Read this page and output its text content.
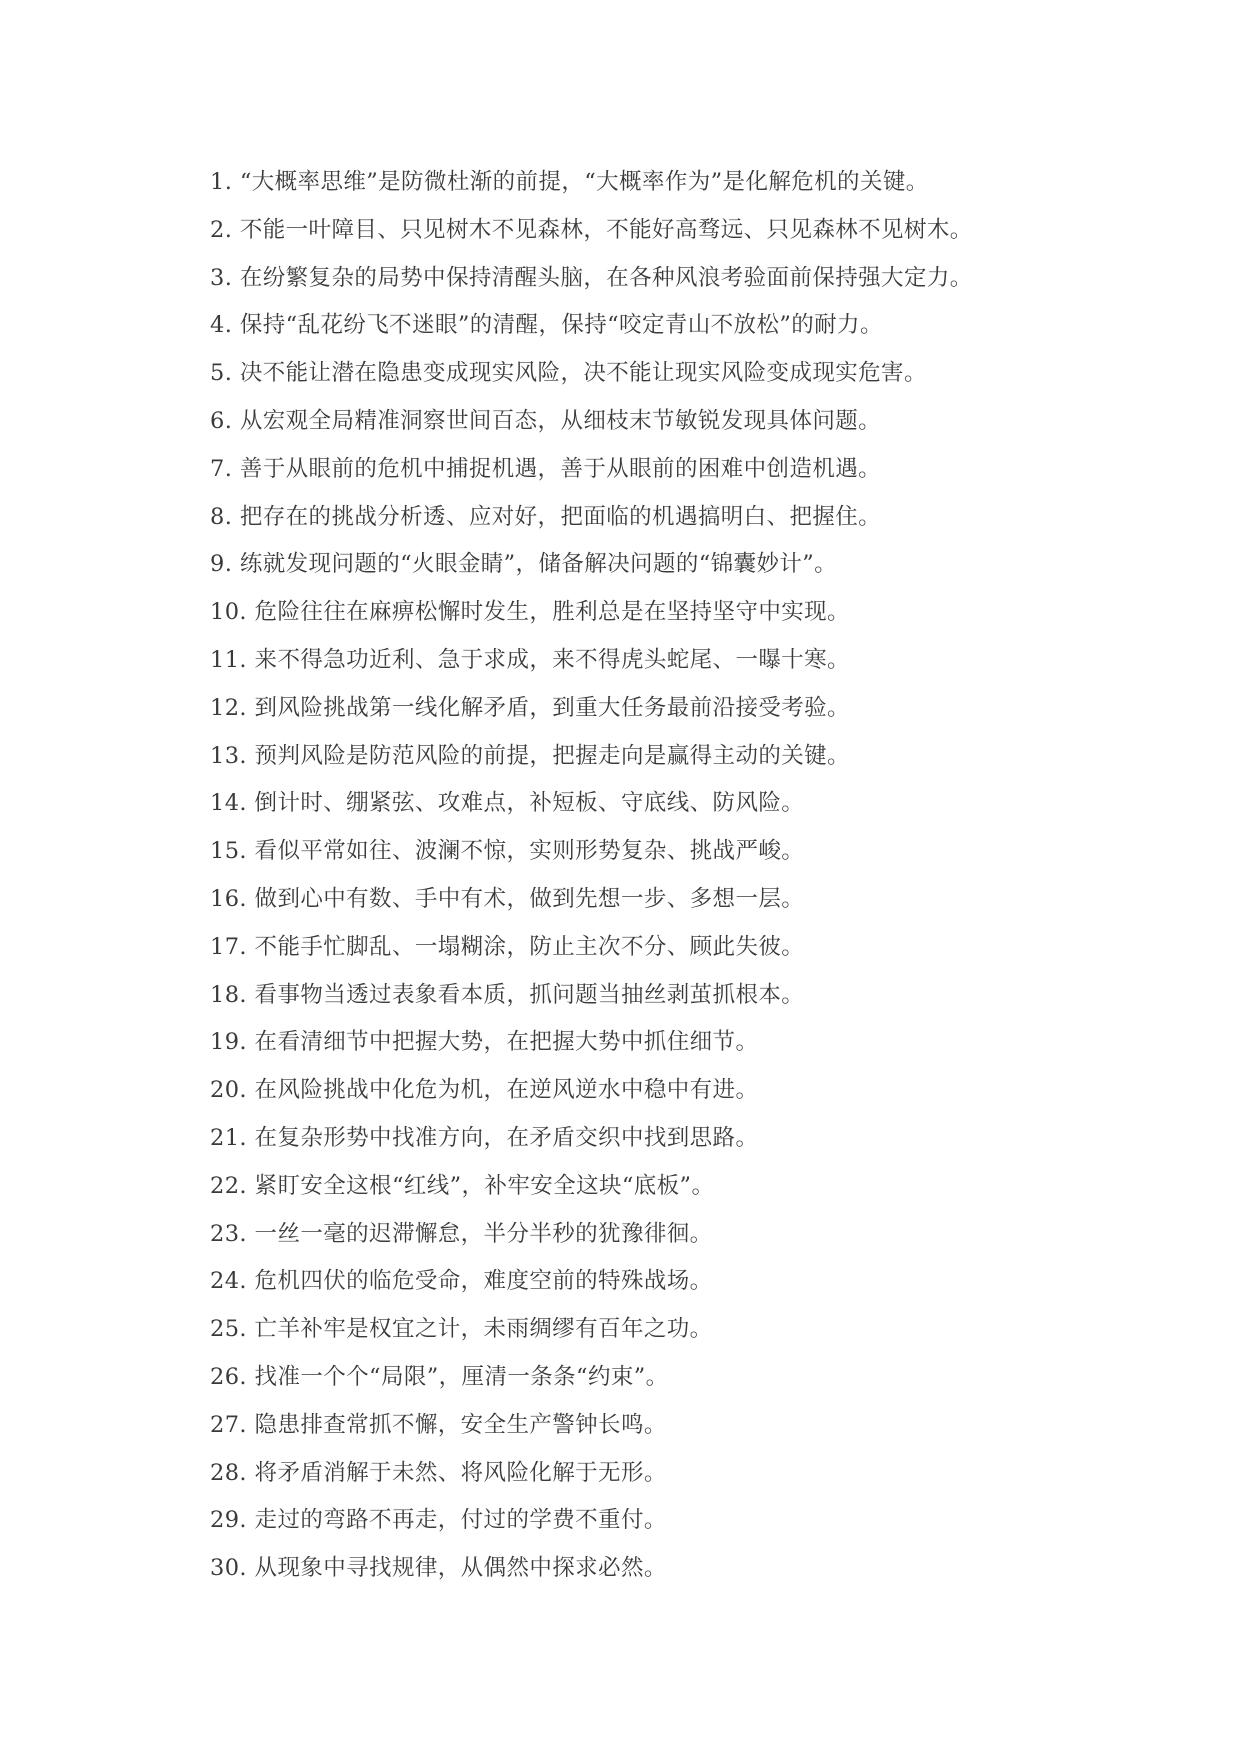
1. “大概率思维”是防微杜渐的前提，“大概率作为”是化解危机的关键。
2. 不能一叶障目、只见树木不见森林，不能好高骛远、只见森林不见树木。
3. 在纷繁复杂的局势中保持清醒头脑，在各种风浪考验面前保持强大定力。
4. 保持“乱花纷飞不迷眼”的清醒，保持“咬定青山不放松”的耐力。
5. 决不能让潜在隐患变成现实风险，决不能让现实风险变成现实危害。
6. 从宏观全局精准洞察世间百态，从细枝末节敏锐发现具体问题。
7. 善于从眼前的危机中捕捉机遇，善于从眼前的困难中创造机遇。
8. 把存在的挑战分析透、应对好，把面临的机遇搞明白、把握住。
9. 练就发现问题的“火眼金睛”，储备解决问题的“锦囊妙计”。
10. 危险往往在麻痹松懈时发生，胜利总是在坚持坚守中实现。
11. 来不得急功近利、急于求成，来不得虎头蛇尾、一曝十寒。
12. 到风险挑战第一线化解矛盾，到重大任务最前沿接受考验。
13. 预判风险是防范风险的前提，把握走向是赢得主动的关键。
14. 倒计时、绷紧弦、攻难点，补短板、守底线、防风险。
15. 看似平常如往、波澜不惊，实则形势复杂、挑战严峻。
16. 做到心中有数、手中有术，做到先想一步、多想一层。
17. 不能手忙脚乱、一塌糊涂，防止主次不分、顾此失彼。
18. 看事物当透过表象看本质，抓问题当抽丝剥茧抓根本。
19. 在看清细节中把握大势，在把握大势中抓住细节。
20. 在风险挑战中化危为机，在逆风逆水中稳中有进。
21. 在复杂形势中找准方向，在矛盾交织中找到思路。
22. 紧盯安全这根“红线”，补牢安全这块“底板”。
23. 一丝一毫的迟滞懈怠，半分半秒的犹豫徘徊。
24. 危机四伏的临危受命，难度空前的特殊战场。
25. 亡羊补牢是权宜之计，未雨绸缪有百年之功。
26. 找准一个个“局限”，厘清一条条“约束”。
27. 隐患排查常抓不懈，安全生产警钟长鸣。
28. 将矛盾消解于未然、将风险化解于无形。
29. 走过的弯路不再走，付过的学费不重付。
30. 从现象中寻找规律，从偶然中探求必然。
